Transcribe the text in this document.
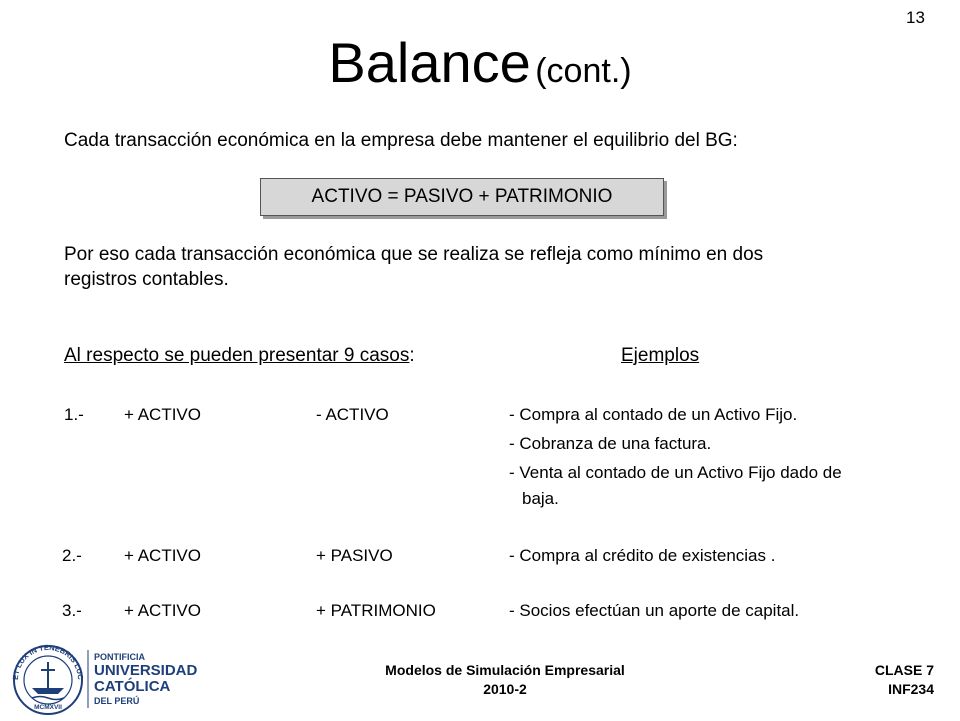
13
Balance (cont.)
Cada transacción económica en la empresa debe mantener el equilibrio del BG:
ACTIVO = PASIVO + PATRIMONIO
Por eso cada transacción económica que se realiza se refleja como mínimo en dos
registros contables.
Al respecto se pueden presentar 9 casos:	Ejemplos
1.- + ACTIVO	- ACTIVO	- Compra al contado de un Activo Fijo.
- Cobranza de una factura.
- Venta al contado de un Activo Fijo dado de
baja.
2.- + ACTIVO	+ PASIVO	- Compra al crédito de existencias .
3.- + ACTIVO	+ PATRIMONIO	- Socios efectúan un aporte de capital.
ET LUX IN TENEBRIS LUC
MCMXVII
PONTIFICIA
UNIVERSIDAD
CATÓLICA
DEL PERÚ
Modelos de Simulación Empresarial
2010-2
CLASE 7
INF234
